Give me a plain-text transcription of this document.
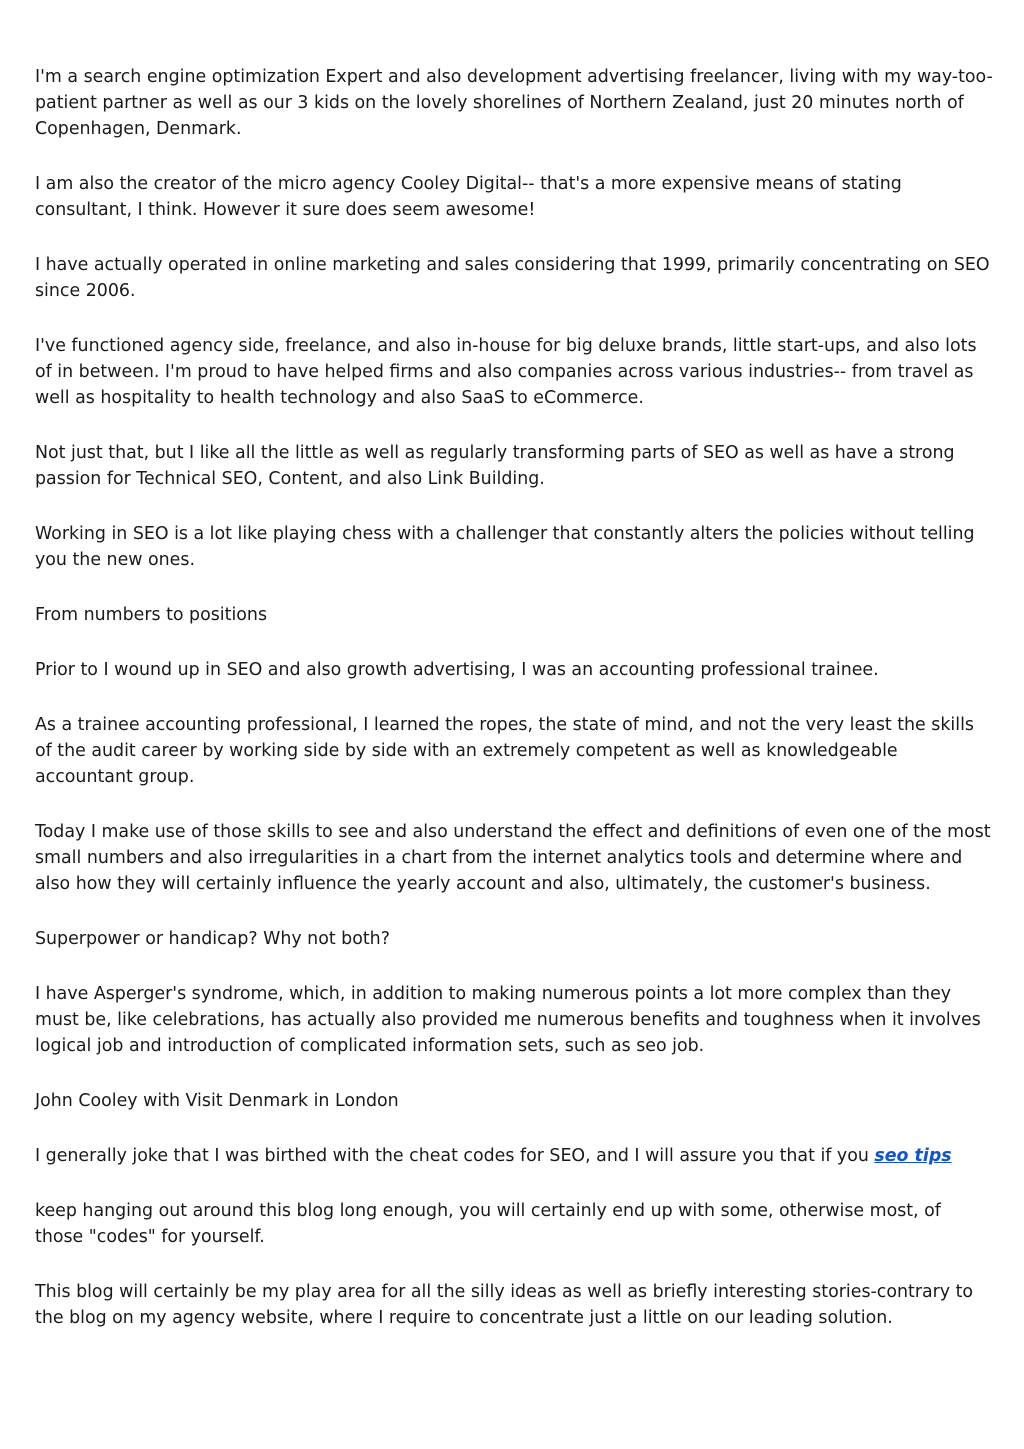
I'm a search engine optimization Expert and also development advertising freelancer, living with my way-too-patient partner as well as our 3 kids on the lovely shorelines of Northern Zealand, just 20 minutes north of Copenhagen, Denmark.

I am also the creator of the micro agency Cooley Digital-- that's a more expensive means of stating consultant, I think. However it sure does seem awesome!

I have actually operated in online marketing and sales considering that 1999, primarily concentrating on SEO since 2006.

I've functioned agency side, freelance, and also in-house for big deluxe brands, little start-ups, and also lots of in between. I'm proud to have helped firms and also companies across various industries-- from travel as well as hospitality to health technology and also SaaS to eCommerce.

Not just that, but I like all the little as well as regularly transforming parts of SEO as well as have a strong passion for Technical SEO, Content, and also Link Building.

Working in SEO is a lot like playing chess with a challenger that constantly alters the policies without telling you the new ones.

From numbers to positions

Prior to I wound up in SEO and also growth advertising, I was an accounting professional trainee.

As a trainee accounting professional, I learned the ropes, the state of mind, and not the very least the skills of the audit career by working side by side with an extremely competent as well as knowledgeable accountant group.

Today I make use of those skills to see and also understand the effect and definitions of even one of the most small numbers and also irregularities in a chart from the internet analytics tools and determine where and also how they will certainly influence the yearly account and also, ultimately, the customer's business.

Superpower or handicap? Why not both?

I have Asperger's syndrome, which, in addition to making numerous points a lot more complex than they must be, like celebrations, has actually also provided me numerous benefits and toughness when it involves logical job and introduction of complicated information sets, such as seo job.

John Cooley with Visit Denmark in London

I generally joke that I was birthed with the cheat codes for SEO, and I will assure you that if you seo tips

keep hanging out around this blog long enough, you will certainly end up with some, otherwise most, of those "codes" for yourself.

This blog will certainly be my play area for all the silly ideas as well as briefly interesting stories-contrary to the blog on my agency website, where I require to concentrate just a little on our leading solution.
